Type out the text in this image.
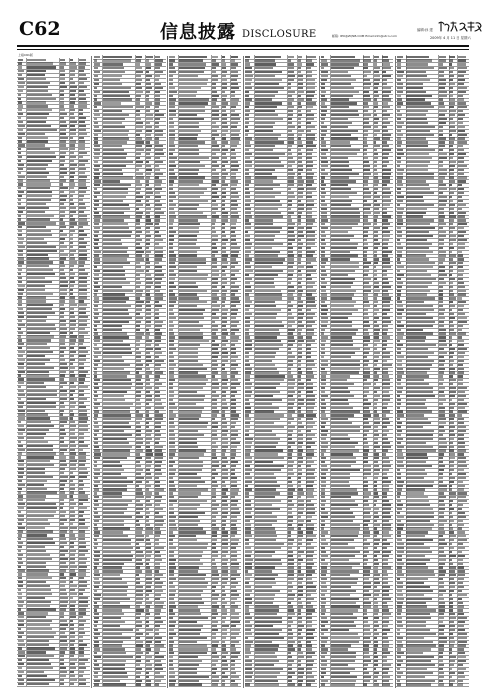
C62	信息披露 DISCLOSURE	邮箱: IPO@ZQSB.COM Email:info@stcn.com
编辑:孙 建
2009年 4 月 11 日 星期六
上接C61版
